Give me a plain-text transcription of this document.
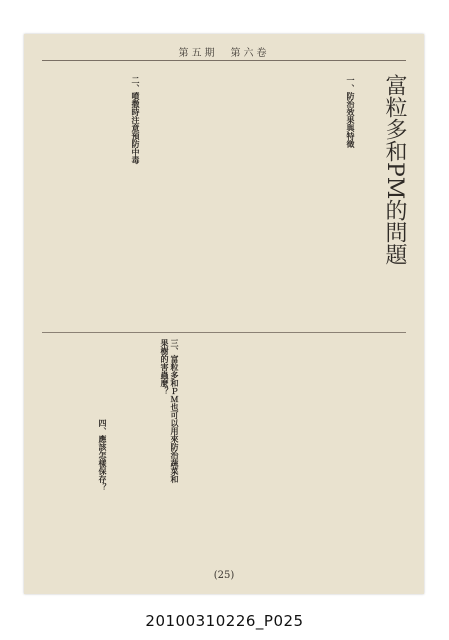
第五期　第六卷
富粒多和PM的問題
一、防治效果與特徵
二、噴撒時注意預防中毒
三、富粒多和ＰＭ也可以用來防治蔬菜和果樹的害蟲麼？
四、應該怎樣保存？
(25)
20100310226_P025
